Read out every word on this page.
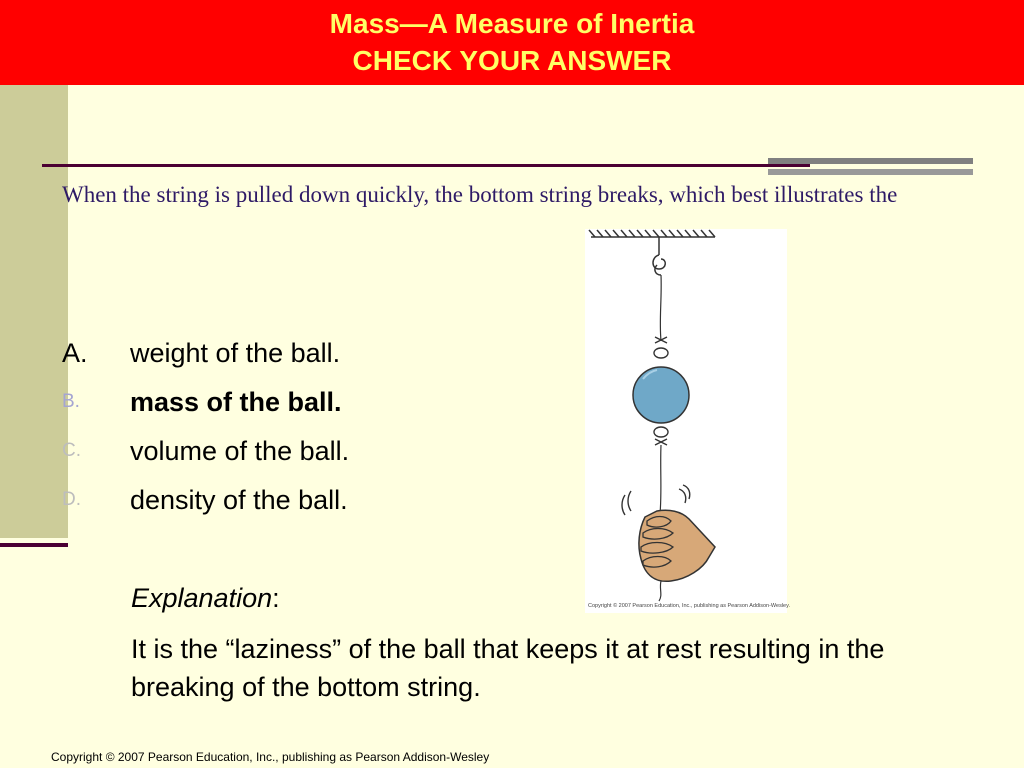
Mass—A Measure of Inertia
CHECK YOUR ANSWER

When the string is pulled down quickly, the bottom string breaks, which best illustrates the

A.	weight of the ball.
B.	mass of the ball.
C.	volume of the ball.
D.	density of the ball.
Explanation:

It is the “laziness” of the ball that keeps it at rest resulting in the breaking of the bottom string.

Copyright © 2007 Pearson Education, Inc., publishing as Pearson Addison-Wesley.
Copyright © 2007 Pearson Education, Inc., publishing as Pearson Addison-Wesley
